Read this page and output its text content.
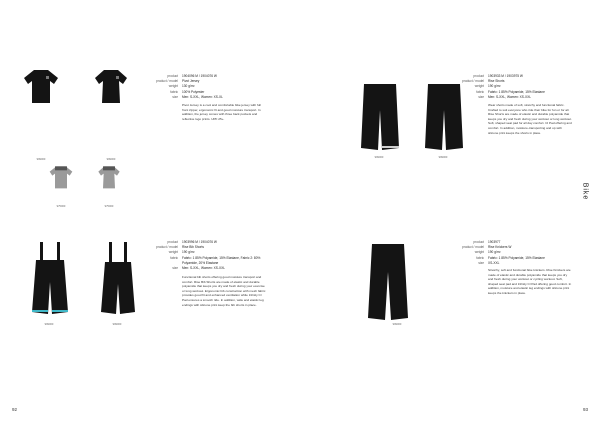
999000	999000
975000	975000
product	1904096 M / 1904076 W
product / model	Pivot Jersey
weight	130 g/m²
fabric	100% Polyester
size	Men: S-XXL, Women: XS-XL
Pivot Jersey is a cool and comfortable bike jersey with full front zipper, ergonomic fit and good moisture transport. In addition, the jersey comes with three back pockets and reflective logo prints. UPF 25+.
999000	999000
product	1903996 M / 1904076 W
product / model	Rise Bib Shorts
weight	190 g/m²
fabric	Fabric: 1 85% Polyamide, 15% Elastane, Fabric 2: 80% Polyamide, 20% Elastane
size	Men: S-XXL, Women: XS-XXL
Functional bib shorts offering good moisture transport and comfort. Rise Bib Shorts are made of elastic and durable polyamide that keeps you dry and fresh during your exercise or long workout. Ergonomic bib construction with mesh fabric provides good fit and enhanced ventilation while Infinity Cl Pad ensures a smooth ride. In addition, wide and elastic leg endings with silicone print keep the bib shorts in place.
92
999000	999000
product	1903933 M / 1903975 W
product / model	Rise Shorts
weight	190 g/m²
fabric	Fabric: 1 85% Polyamide, 15% Elastane
size	Men: S-XXL, Women: XS-XXL
Wear shorts made of soft, stretchy and functional fabric. Crafted to suit everyone who ride their bike for fun or for all. Rise Shorts are made of elastic and durable polyamide that keeps you dry and fresh during your workout or long workout. Soft, shaped seat pad for all day comfort. Cl Pad offering and comfort. In addition, moisture-transporting and up with silicone print keeps the shorts in place.
999000
product	1903977
product / model	Rise Knickers W
weight	190 g/m²
fabric	Fabric: 1 85% Polyamide, 15% Elastane
size	XS-XXL
Stretchy, soft and functional bike knickers. Rise Knickers are made of elastic and durable polyamide that keeps you dry and fresh during your workout or cycling workout. Soft, shaped seat pad and Infinity Cl Pad offering good comfort. In addition, moisture and elastic leg endings with silicone print keeps the knickers in place.
Bike
93
